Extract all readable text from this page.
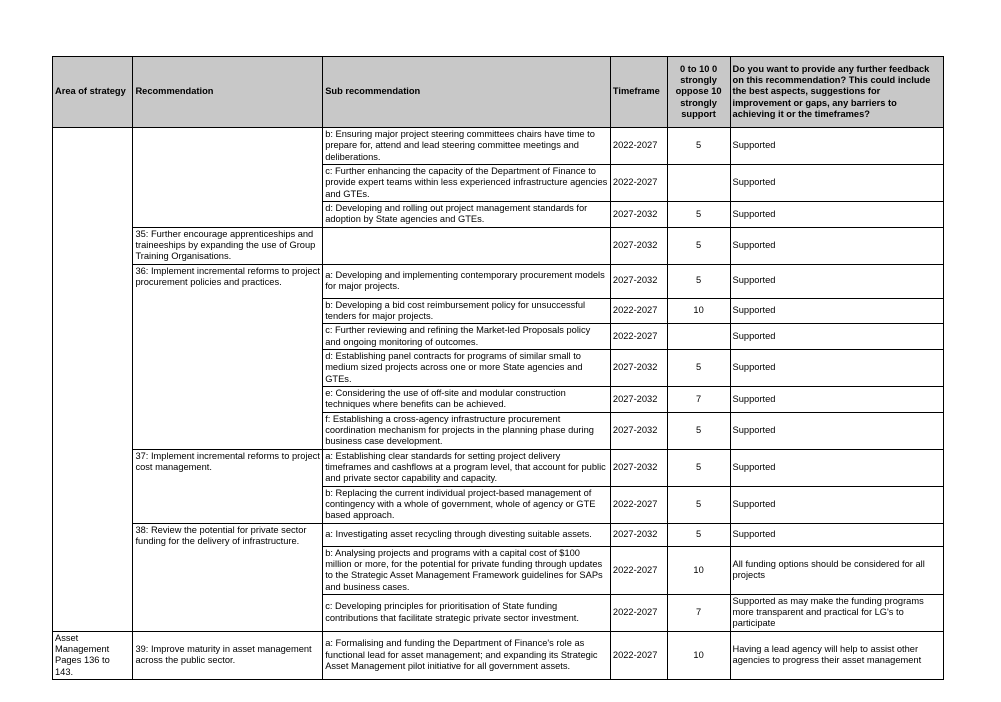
Area of strategy	Recommendation	Sub recommendation	Timeframe	0 to 10 0 strongly oppose 10 strongly support	Do you want to provide any further feedback on this recommendation? This could include the best aspects, suggestions for improvement or gaps, any barriers to achieving it or the timeframes?
		b: Ensuring major project steering committees chairs have time to prepare for, attend and lead steering committee meetings and deliberations.	2022-2027	5	Supported
		c: Further enhancing the capacity of the Department of Finance to provide expert teams within less experienced infrastructure agencies and GTEs.	2022-2027		Supported
		d: Developing and rolling out project management standards for adoption by State agencies and GTEs.	2027-2032	5	Supported
	35: Further encourage apprenticeships and traineeships by expanding the use of Group Training Organisations.		2027-2032	5	Supported
	36: Implement incremental reforms to project procurement policies and practices.	a: Developing and implementing contemporary procurement models for major projects.	2027-2032	5	Supported
		b: Developing a bid cost reimbursement policy for unsuccessful tenders for major projects.	2022-2027	10	Supported
		c: Further reviewing and refining the Market-led Proposals policy and ongoing monitoring of outcomes.	2022-2027		Supported
		d: Establishing panel contracts for programs of similar small to medium sized projects across one or more State agencies and GTEs.	2027-2032	5	Supported
		e: Considering the use of off-site and modular construction techniques where benefits can be achieved.	2027-2032	7	Supported
		f: Establishing a cross-agency infrastructure procurement coordination mechanism for projects in the planning phase during business case development.	2027-2032	5	Supported
	37: Implement incremental reforms to project cost management.	a: Establishing clear standards for setting project delivery timeframes and cashflows at a program level, that account for public and private sector capability and capacity.	2027-2032	5	Supported
		b: Replacing the current individual project-based management of contingency with a whole of government, whole of agency or GTE based approach.	2022-2027	5	Supported
	38: Review the potential for private sector funding for the delivery of infrastructure.	a: Investigating asset recycling through divesting suitable assets.	2027-2032	5	Supported
		b: Analysing projects and programs with a capital cost of $100 million or more, for the potential for private funding through updates to the Strategic Asset Management Framework guidelines for SAPs and business cases.	2022-2027	10	All funding options should be considered for all projects
		c: Developing principles for prioritisation of State funding contributions that facilitate strategic private sector investment.	2022-2027	7	Supported as may make the funding programs more transparent and practical for LG's to participate
Asset Management Pages 136 to 143.	39: Improve maturity in asset management across the public sector.	a: Formalising and funding the Department of Finance's role as functional lead for asset management; and expanding its Strategic Asset Management pilot initiative for all government assets.	2022-2027	10	Having a lead agency will help to assist other agencies to progress their asset management
